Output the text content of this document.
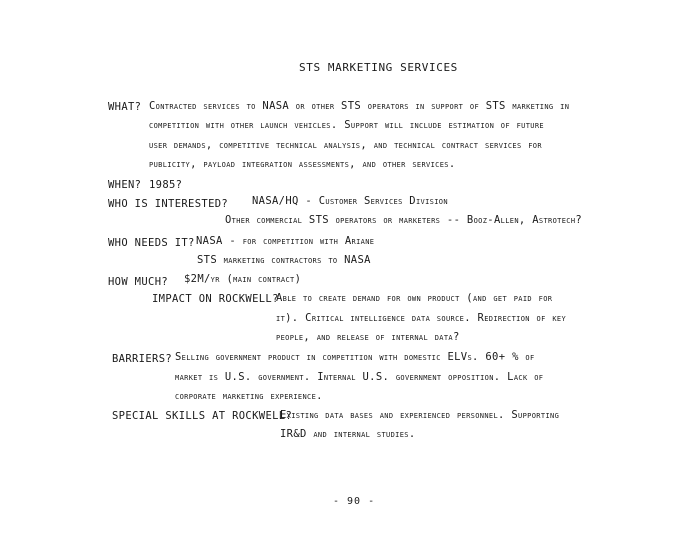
STS MARKETING SERVICES
WHAT? Contracted services to NASA or other STS operators in support of STS marketing in
competition with other launch vehicles. Support will include estimation of future
user demands, competitive technical analysis, and technical contract services for
publicity, payload integration assessments, and other services.
WHEN? 1985?
WHO IS INTERESTED? NASA/HQ - Customer Services Division
Other commercial STS operators or marketers -- Booz-Allen, Astrotech?
WHO NEEDS IT? NASA - for competition with Ariane
STS marketing contractors to NASA
HOW MUCH? $2M/yr (main contract)
IMPACT ON ROCKWELL?
Able to create demand for own product (and get paid for
it). Critical intelligence data source. Redirection of key
people, and release of internal data?
BARRIERS? Selling government product in competition with domestic ELVs. 60+ % of
market is U.S. government. Internal U.S. government opposition. Lack of
corporate marketing experience.
SPECIAL SKILLS AT ROCKWELL?
Existing data bases and experienced personnel. Supporting
IR&D and internal studies.
- 90 -
